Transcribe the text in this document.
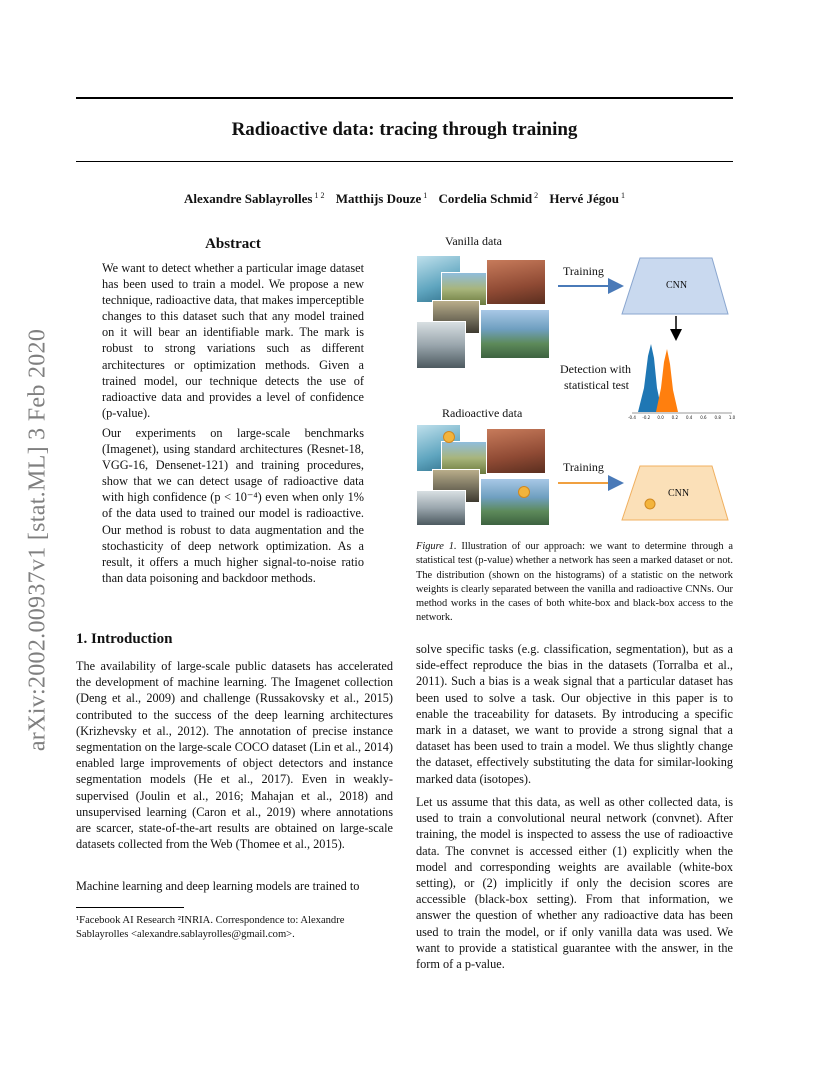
Radioactive data: tracing through training
Alexandre Sablayrolles $^{1 2}$ Matthijs Douze $^1$ Cordelia Schmid $^2$ Hervé Jégou $^1$
arXiv:2002.00937v1 [stat.ML] 3 Feb 2020
Abstract
We want to detect whether a particular image dataset has been used to train a model. We propose a new technique, radioactive data, that makes imperceptible changes to this dataset such that any model trained on it will bear an identifiable mark. The mark is robust to strong variations such as different architectures or optimization methods. Given a trained model, our technique detects the use of radioactive data and provides a level of confidence (p-value).
Our experiments on large-scale benchmarks (Imagenet), using standard architectures (Resnet-18, VGG-16, Densenet-121) and training procedures, show that we can detect usage of radioactive data with high confidence (p < 10⁻⁴) even when only 1% of the data used to trained our model is radioactive. Our method is robust to data augmentation and the stochasticity of deep network optimization. As a result, it offers a much higher signal-to-noise ratio than data poisoning and backdoor methods.
Vanilla data
Training
CNN
Detection with
statistical test
-0.4 -0.2 0.0 0.2 0.4 0.6 0.8 1.0
Radioactive data
Training
CNN
Figure 1. Illustration of our approach: we want to determine through a statistical test (p-value) whether a network has seen a marked dataset or not. The distribution (shown on the histograms) of a statistic on the network weights is clearly separated between the vanilla and radioactive CNNs. Our method works in the cases of both white-box and black-box access to the network.
1. Introduction
The availability of large-scale public datasets has accelerated the development of machine learning. The Imagenet collection (Deng et al., 2009) and challenge (Russakovsky et al., 2015) contributed to the success of the deep learning architectures (Krizhevsky et al., 2012). The annotation of precise instance segmentation on the large-scale COCO dataset (Lin et al., 2014) enabled large improvements of object detectors and instance segmentation models (He et al., 2017). Even in weakly-supervised (Joulin et al., 2016; Mahajan et al., 2018) and unsupervised learning (Caron et al., 2019) where annotations are scarcer, state-of-the-art results are obtained on large-scale datasets collected from the Web (Thomee et al., 2015).
Machine learning and deep learning models are trained to
solve specific tasks (e.g. classification, segmentation), but as a side-effect reproduce the bias in the datasets (Torralba et al., 2011). Such a bias is a weak signal that a particular dataset has been used to solve a task. Our objective in this paper is to enable the traceability for datasets. By introducing a specific mark in a dataset, we want to provide a strong signal that a dataset has been used to train a model. We thus slightly change the dataset, effectively substituting the data for similar-looking marked data (isotopes).
Let us assume that this data, as well as other collected data, is used to train a convolutional neural network (convnet). After training, the model is inspected to assess the use of radioactive data. The convnet is accessed either (1) explicitly when the model and corresponding weights are available (white-box setting), or (2) implicitly if only the decision scores are accessible (black-box setting). From that information, we answer the question of whether any radioactive data has been used to train the model, or if only vanilla data was used. We want to provide a statistical guarantee with the answer, in the form of a p-value.
¹Facebook AI Research ²INRIA. Correspondence to: Alexandre Sablayrolles <alexandre.sablayrolles@gmail.com>.
